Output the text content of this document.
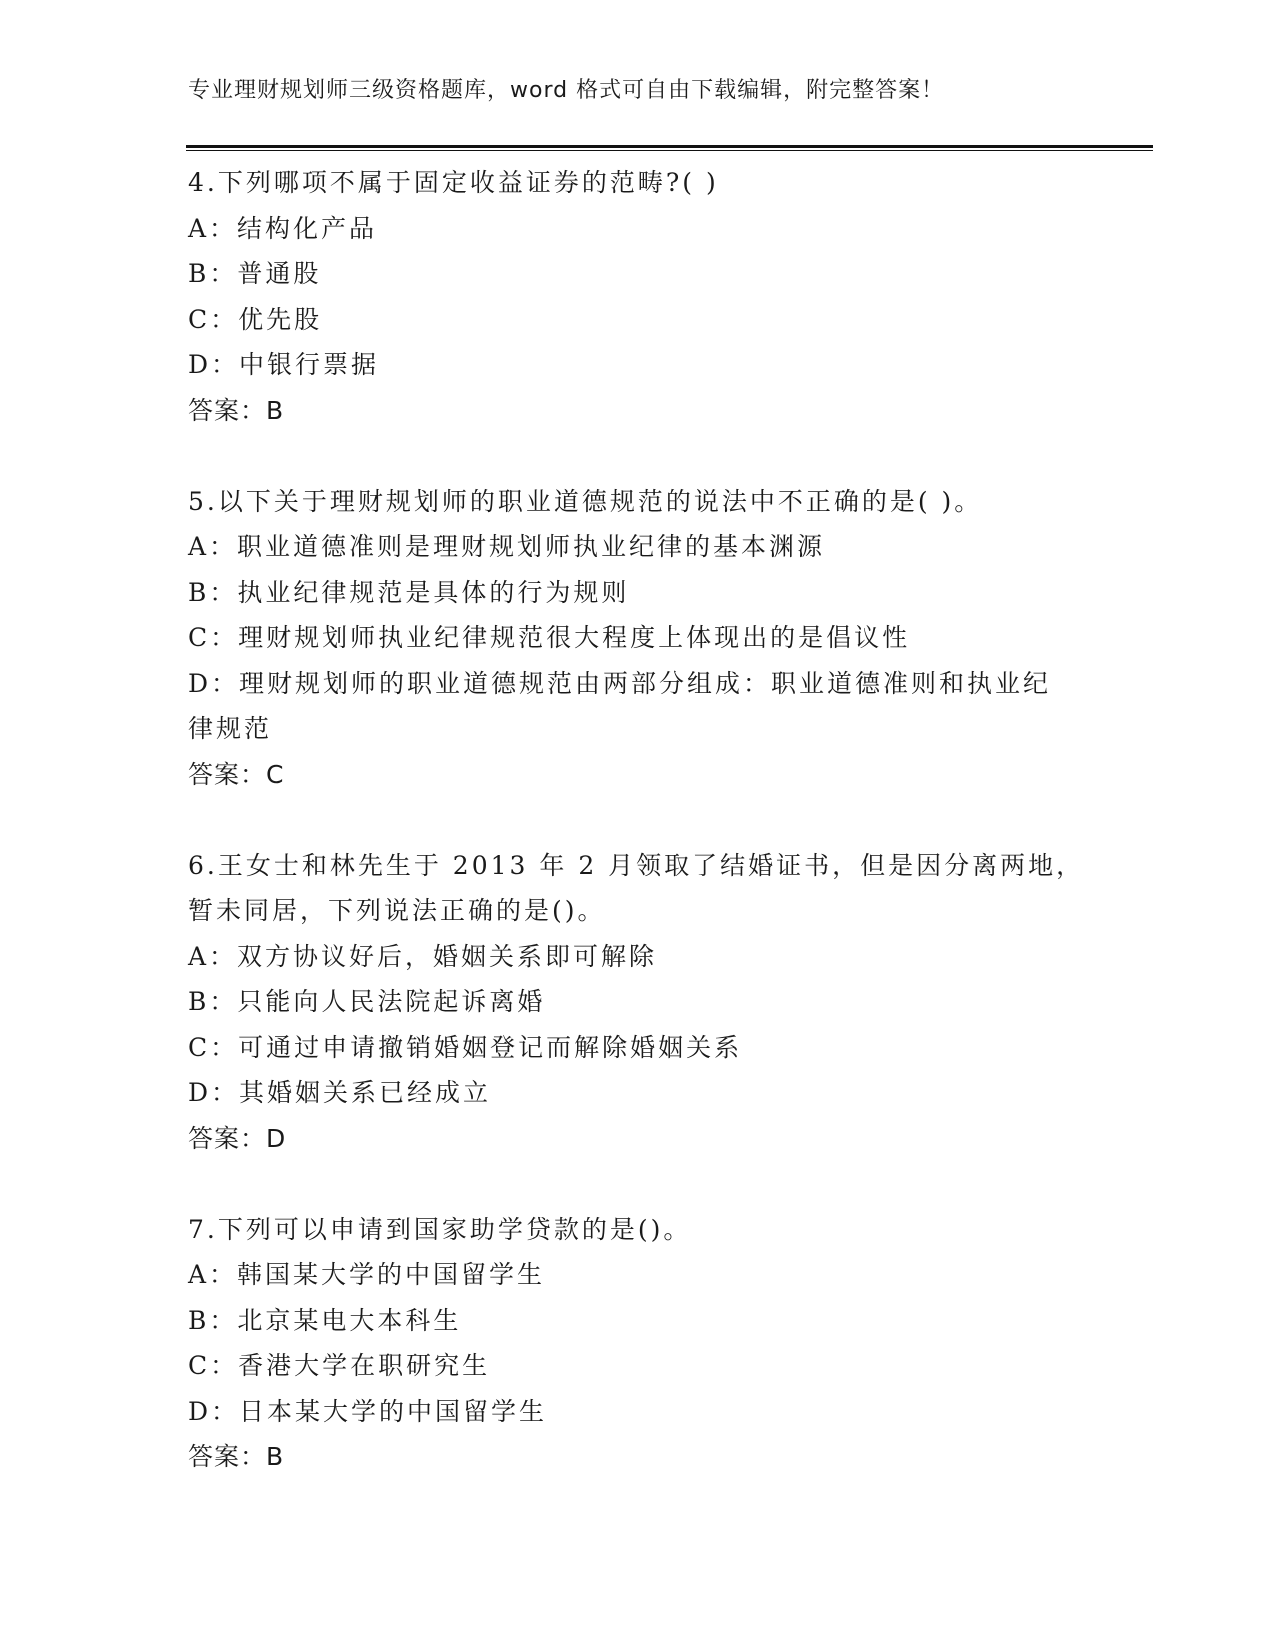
专业理财规划师三级资格题库，word 格式可自由下载编辑，附完整答案！
4.下列哪项不属于固定收益证券的范畴?( )
A：结构化产品
B：普通股
C：优先股
D：中银行票据
答案：B
5.以下关于理财规划师的职业道德规范的说法中不正确的是( )。
A：职业道德准则是理财规划师执业纪律的基本渊源
B：执业纪律规范是具体的行为规则
C：理财规划师执业纪律规范很大程度上体现出的是倡议性
D：理财规划师的职业道德规范由两部分组成：职业道德准则和执业纪
律规范
答案：C
6.王女士和林先生于 2013 年 2 月领取了结婚证书，但是因分离两地，
暂未同居，下列说法正确的是()。
A：双方协议好后，婚姻关系即可解除
B：只能向人民法院起诉离婚
C：可通过申请撤销婚姻登记而解除婚姻关系
D：其婚姻关系已经成立
答案：D
7.下列可以申请到国家助学贷款的是()。
A：韩国某大学的中国留学生
B：北京某电大本科生
C：香港大学在职研究生
D：日本某大学的中国留学生
答案：B
